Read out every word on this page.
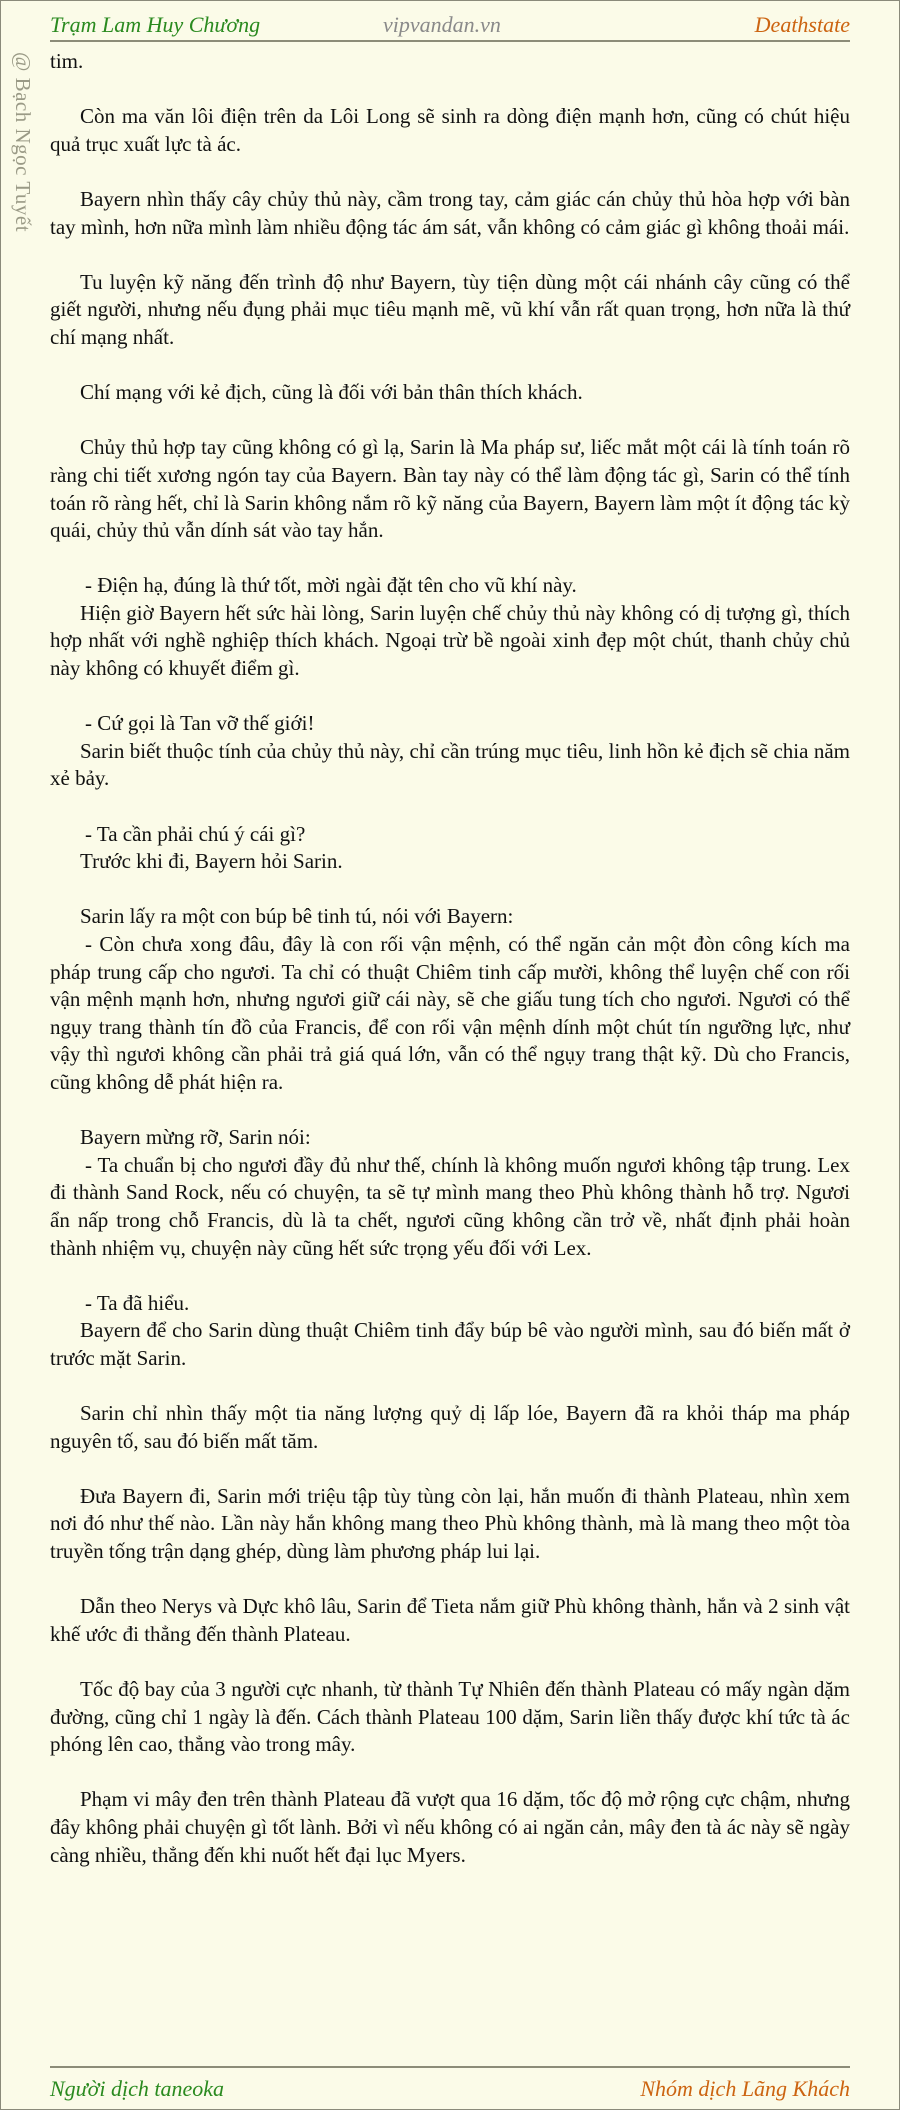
Trạm Lam Huy Chương	vipvandan.vn	Deathstate
@ Bạch Ngọc Tuyết tim.

Còn ma văn lôi điện trên da Lôi Long sẽ sinh ra dòng điện mạnh hơn, cũng có chút hiệu quả trục xuất lực tà ác.

Bayern nhìn thấy cây chủy thủ này, cầm trong tay, cảm giác cán chủy thủ hòa hợp với bàn tay mình, hơn nữa mình làm nhiều động tác ám sát, vẫn không có cảm giác gì không thoải mái.

Tu luyện kỹ năng đến trình độ như Bayern, tùy tiện dùng một cái nhánh cây cũng có thể giết người, nhưng nếu đụng phải mục tiêu mạnh mẽ, vũ khí vẫn rất quan trọng, hơn nữa là thứ chí mạng nhất.

Chí mạng với kẻ địch, cũng là đối với bản thân thích khách.

Chủy thủ hợp tay cũng không có gì lạ, Sarin là Ma pháp sư, liếc mắt một cái là tính toán rõ ràng chi tiết xương ngón tay của Bayern. Bàn tay này có thể làm động tác gì, Sarin có thể tính toán rõ ràng hết, chỉ là Sarin không nắm rõ kỹ năng của Bayern, Bayern làm một ít động tác kỳ quái, chủy thủ vẫn dính sát vào tay hắn.

- Điện hạ, đúng là thứ tốt, mời ngài đặt tên cho vũ khí này.

Hiện giờ Bayern hết sức hài lòng, Sarin luyện chế chủy thủ này không có dị tượng gì, thích hợp nhất với nghề nghiệp thích khách. Ngoại trừ bề ngoài xinh đẹp một chút, thanh chủy chủ này không có khuyết điểm gì.

- Cứ gọi là Tan vỡ thế giới!

Sarin biết thuộc tính của chủy thủ này, chỉ cần trúng mục tiêu, linh hồn kẻ địch sẽ chia năm xẻ bảy.

- Ta cần phải chú ý cái gì?

Trước khi đi, Bayern hỏi Sarin.

Sarin lấy ra một con búp bê tinh tú, nói với Bayern:

- Còn chưa xong đâu, đây là con rối vận mệnh, có thể ngăn cản một đòn công kích ma pháp trung cấp cho ngươi. Ta chỉ có thuật Chiêm tinh cấp mười, không thể luyện chế con rối vận mệnh mạnh hơn, nhưng ngươi giữ cái này, sẽ che giấu tung tích cho ngươi. Ngươi có thể ngụy trang thành tín đồ của Francis, để con rối vận mệnh dính một chút tín ngưỡng lực, như vậy thì ngươi không cần phải trả giá quá lớn, vẫn có thể ngụy trang thật kỹ. Dù cho Francis, cũng không dễ phát hiện ra.

Bayern mừng rỡ, Sarin nói:

- Ta chuẩn bị cho ngươi đầy đủ như thế, chính là không muốn ngươi không tập trung. Lex đi thành Sand Rock, nếu có chuyện, ta sẽ tự mình mang theo Phù không thành hỗ trợ. Ngươi ẩn nấp trong chỗ Francis, dù là ta chết, ngươi cũng không cần trở về, nhất định phải hoàn thành nhiệm vụ, chuyện này cũng hết sức trọng yếu đối với Lex.

- Ta đã hiểu.

Bayern để cho Sarin dùng thuật Chiêm tinh đẩy búp bê vào người mình, sau đó biến mất ở trước mặt Sarin.

Sarin chỉ nhìn thấy một tia năng lượng quỷ dị lấp lóe, Bayern đã ra khỏi tháp ma pháp nguyên tố, sau đó biến mất tăm.

Đưa Bayern đi, Sarin mới triệu tập tùy tùng còn lại, hắn muốn đi thành Plateau, nhìn xem nơi đó như thế nào. Lần này hắn không mang theo Phù không thành, mà là mang theo một tòa truyền tống trận dạng ghép, dùng làm phương pháp lui lại.

Dẫn theo Nerys và Dực khô lâu, Sarin để Tieta nắm giữ Phù không thành, hắn và 2 sinh vật khế ước đi thẳng đến thành Plateau.

Tốc độ bay của 3 người cực nhanh, từ thành Tự Nhiên đến thành Plateau có mấy ngàn dặm đường, cũng chỉ 1 ngày là đến. Cách thành Plateau 100 dặm, Sarin liền thấy được khí tức tà ác phóng lên cao, thẳng vào trong mây.

Phạm vi mây đen trên thành Plateau đã vượt qua 16 dặm, tốc độ mở rộng cực chậm, nhưng đây không phải chuyện gì tốt lành. Bởi vì nếu không có ai ngăn cản, mây đen tà ác này sẽ ngày càng nhiều, thẳng đến khi nuốt hết đại lục Myers.

Người dịch taneoka	Nhóm dịch Lãng Khách
